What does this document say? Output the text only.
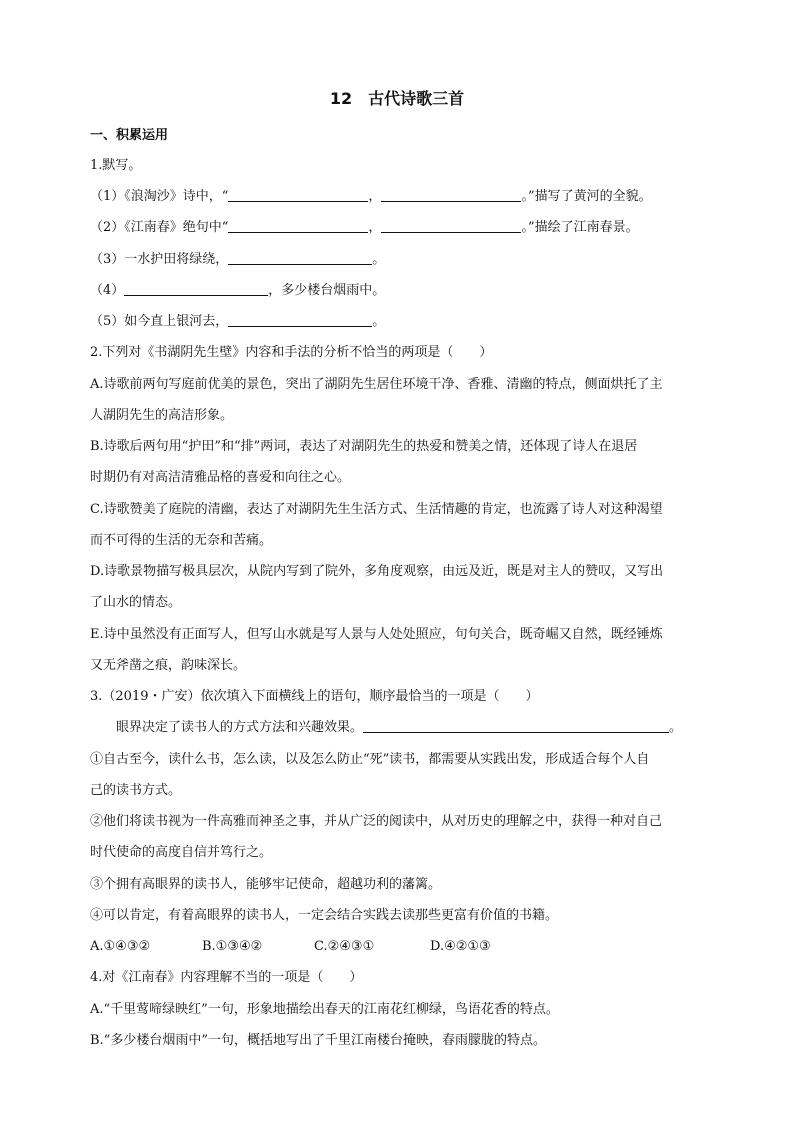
12　古代诗歌三首
一、积累运用
1.默写。
（1）《浪淘沙》诗中，“	，	。”描写了黄河的全貌。
（2）《江南春》绝句中“	，	。”描绘了江南春景。
（3）一水护田将绿绕，	。
（4）	，多少楼台烟雨中。
（5）如今直上银河去，	。
2.下列对《书湖阴先生壁》内容和手法的分析不恰当的两项是（　　）
A.诗歌前两句写庭前优美的景色，突出了湖阴先生居住环境干净、香雅、清幽的特点，侧面烘托了主
人湖阴先生的高洁形象。
B.诗歌后两句用“护田”和“排”两词，表达了对湖阴先生的热爱和赞美之情，还体现了诗人在退居
时期仍有对高洁清雅品格的喜爱和向往之心。
C.诗歌赞美了庭院的清幽，表达了对湖阴先生生活方式、生活情趣的肯定，也流露了诗人对这种渴望
而不可得的生活的无奈和苦痛。
D.诗歌景物描写极具层次，从院内写到了院外，多角度观察，由远及近，既是对主人的赞叹，又写出
了山水的情态。
E.诗中虽然没有正面写人，但写山水就是写人景与人处处照应，句句关合，既奇崛又自然，既经锤炼
又无斧凿之痕，韵味深长。
3.（2019・广安）依次填入下面横线上的语句，顺序最恰当的一项是（　　）
眼界决定了读书人的方式方法和兴趣效果。	。
①自古至今，读什么书，怎么读，以及怎么防止“死”读书，都需要从实践出发，形成适合每个人自
己的读书方式。
②他们将读书视为一件高雅而神圣之事，并从广泛的阅读中，从对历史的理解之中，获得一种对自己
时代使命的高度自信并笃行之。
③个拥有高眼界的读书人，能够牢记使命，超越功利的藩篱。
④可以肯定，有着高眼界的读书人，一定会结合实践去读那些更富有价值的书籍。
A.①④③②	B.①③④②	C.②④③①	D.④②①③
4.对《江南春》内容理解不当的一项是（　　）
A.“千里莺啼绿映红”一句，形象地描绘出春天的江南花红柳绿，鸟语花香的特点。
B.“多少楼台烟雨中”一句，概括地写出了千里江南楼台掩映，春雨朦胧的特点。
